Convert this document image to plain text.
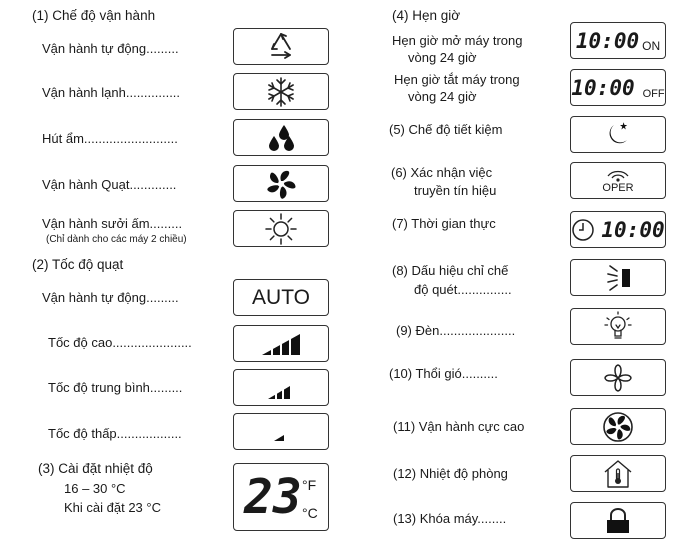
(1) Chế độ vận hành
Vận hành tự động.........
Vận hành lạnh...............
Hút ẩm..........................
Vận hành Quạt.............
Vận hành sưởi ấm.........
(Chỉ dành cho các máy 2 chiều)
(2) Tốc độ quạt
Vận hành tự động.........
Tốc độ cao......................
Tốc độ trung bình.........
Tốc độ thấp..................
(3) Cài đặt nhiệt độ
16 – 30 °C
Khi cài đặt 23 °C
AUTO
23 °F
°C
(4) Hẹn giờ
Hẹn giờ mở máy trong
vòng 24 giờ
Hẹn giờ tắt máy trong
vòng 24 giờ
(5) Chế độ tiết kiệm
(6) Xác nhận việc
truyền tín hiệu
(7) Thời gian thực
(8) Dấu hiệu chỉ chế
độ quét...............
(9) Đèn.....................
(10) Thổi gió..........
(11) Vận hành cực cao
(12) Nhiệt độ phòng
(13) Khóa máy........
10:00 ON
10:00 OFF
OPER
10:00
